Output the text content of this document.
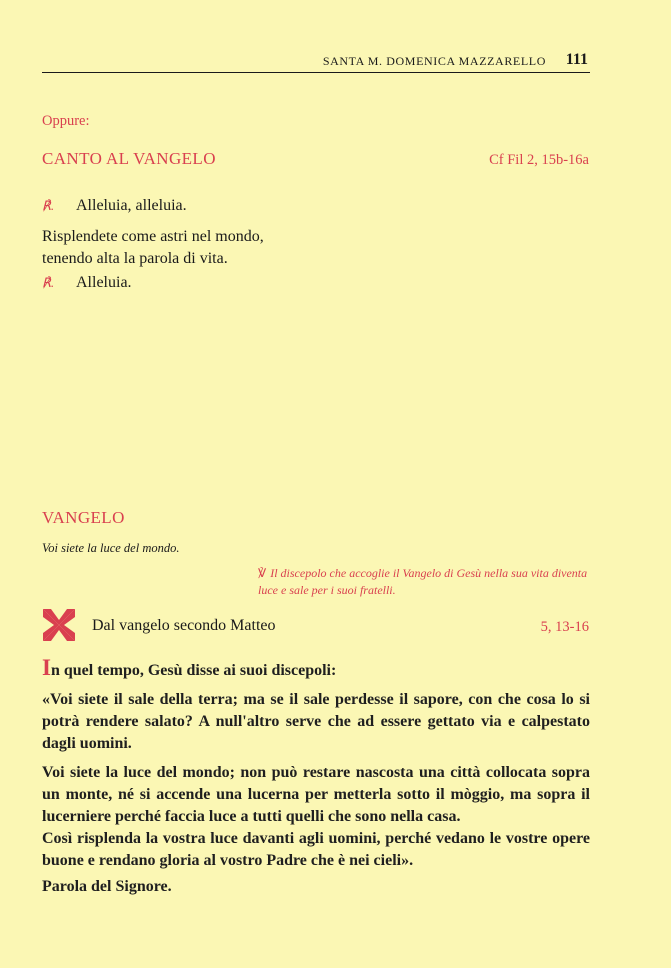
SANTA M. DOMENICA MAZZARELLO 111
Oppure:
CANTO AL VANGELO	Cf Fil 2, 15b-16a
℟. Alleluia, alleluia.
Risplendete come astri nel mondo,
tenendo alta la parola di vita.
℟. Alleluia.
VANGELO
Voi siete la luce del mondo.
℣ Il discepolo che accoglie il Vangelo di Gesù nella sua vita diventa luce e sale per i suoi fratelli.
Dal vangelo secondo Matteo	5, 13-16
In quel tempo, Gesù disse ai suoi discepoli:
«Voi siete il sale della terra; ma se il sale perdesse il sapore, con che cosa lo si potrà rendere salato? A null'altro serve che ad essere gettato via e calpestato dagli uomini.
Voi siete la luce del mondo; non può restare nascosta una città collocata sopra un monte, né si accende una lucerna per metterla sotto il mòggio, ma sopra il lucerniere perché faccia luce a tutti quelli che sono nella casa.
Così risplenda la vostra luce davanti agli uomini, perché vedano le vostre opere buone e rendano gloria al vostro Padre che è nei cieli».
Parola del Signore.
